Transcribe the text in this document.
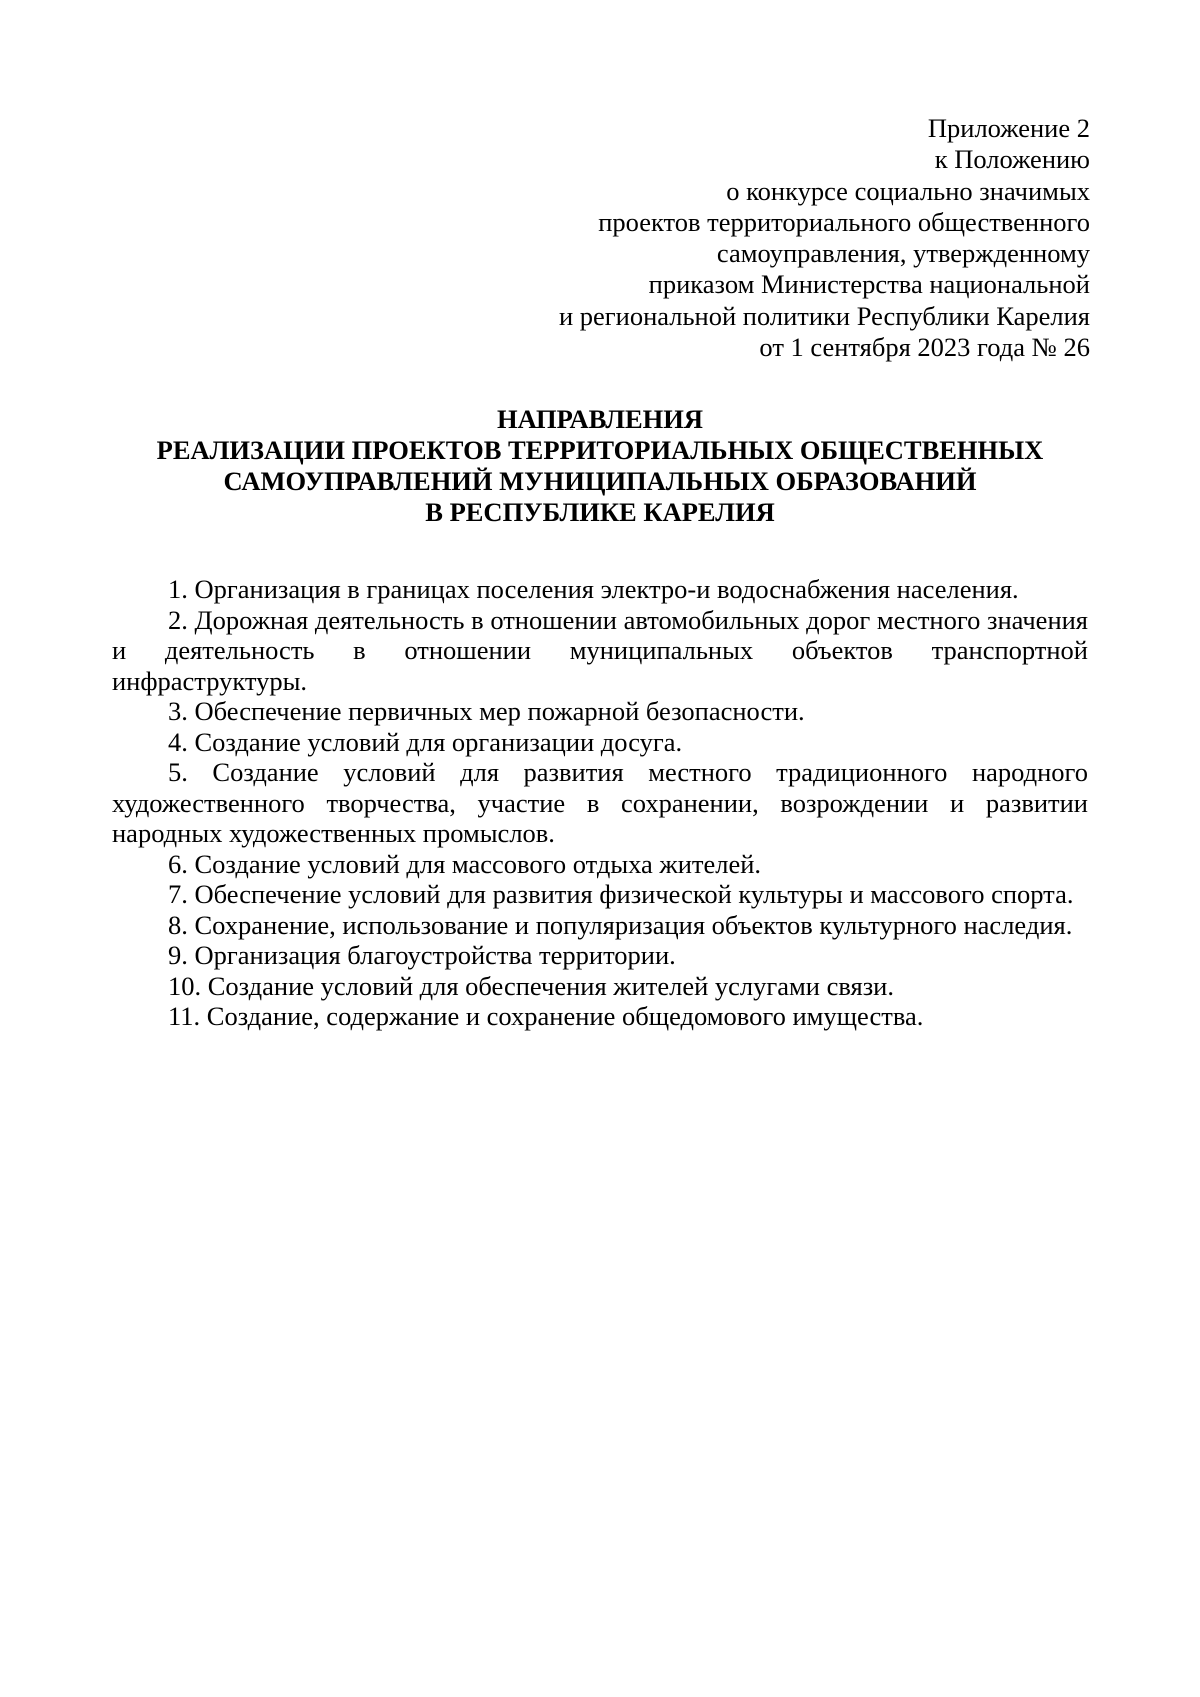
Приложение 2
к Положению
о конкурсе социально значимых
проектов территориального общественного
самоуправления, утвержденному
приказом Министерства национальной
и региональной политики Республики Карелия
от 1 сентября 2023 года № 26
НАПРАВЛЕНИЯ
РЕАЛИЗАЦИИ ПРОЕКТОВ ТЕРРИТОРИАЛЬНЫХ ОБЩЕСТВЕННЫХ
САМОУПРАВЛЕНИЙ МУНИЦИПАЛЬНЫХ ОБРАЗОВАНИЙ
В РЕСПУБЛИКЕ КАРЕЛИЯ

1. Организация в границах поселения электро-и водоснабжения населения.

2. Дорожная деятельность в отношении автомобильных дорог местного значения и деятельность в отношении муниципальных объектов транспортной инфраструктуры.

3. Обеспечение первичных мер пожарной безопасности.

4. Создание условий для организации досуга.

5. Создание условий для развития местного традиционного народного художественного творчества, участие в сохранении, возрождении и развитии народных художественных промыслов.

6. Создание условий для массового отдыха жителей.

7. Обеспечение условий для развития физической культуры и массового спорта.

8. Сохранение, использование и популяризация объектов культурного наследия.

9. Организация благоустройства территории.

10. Создание условий для обеспечения жителей услугами связи.

11. Создание, содержание и сохранение общедомового имущества.
